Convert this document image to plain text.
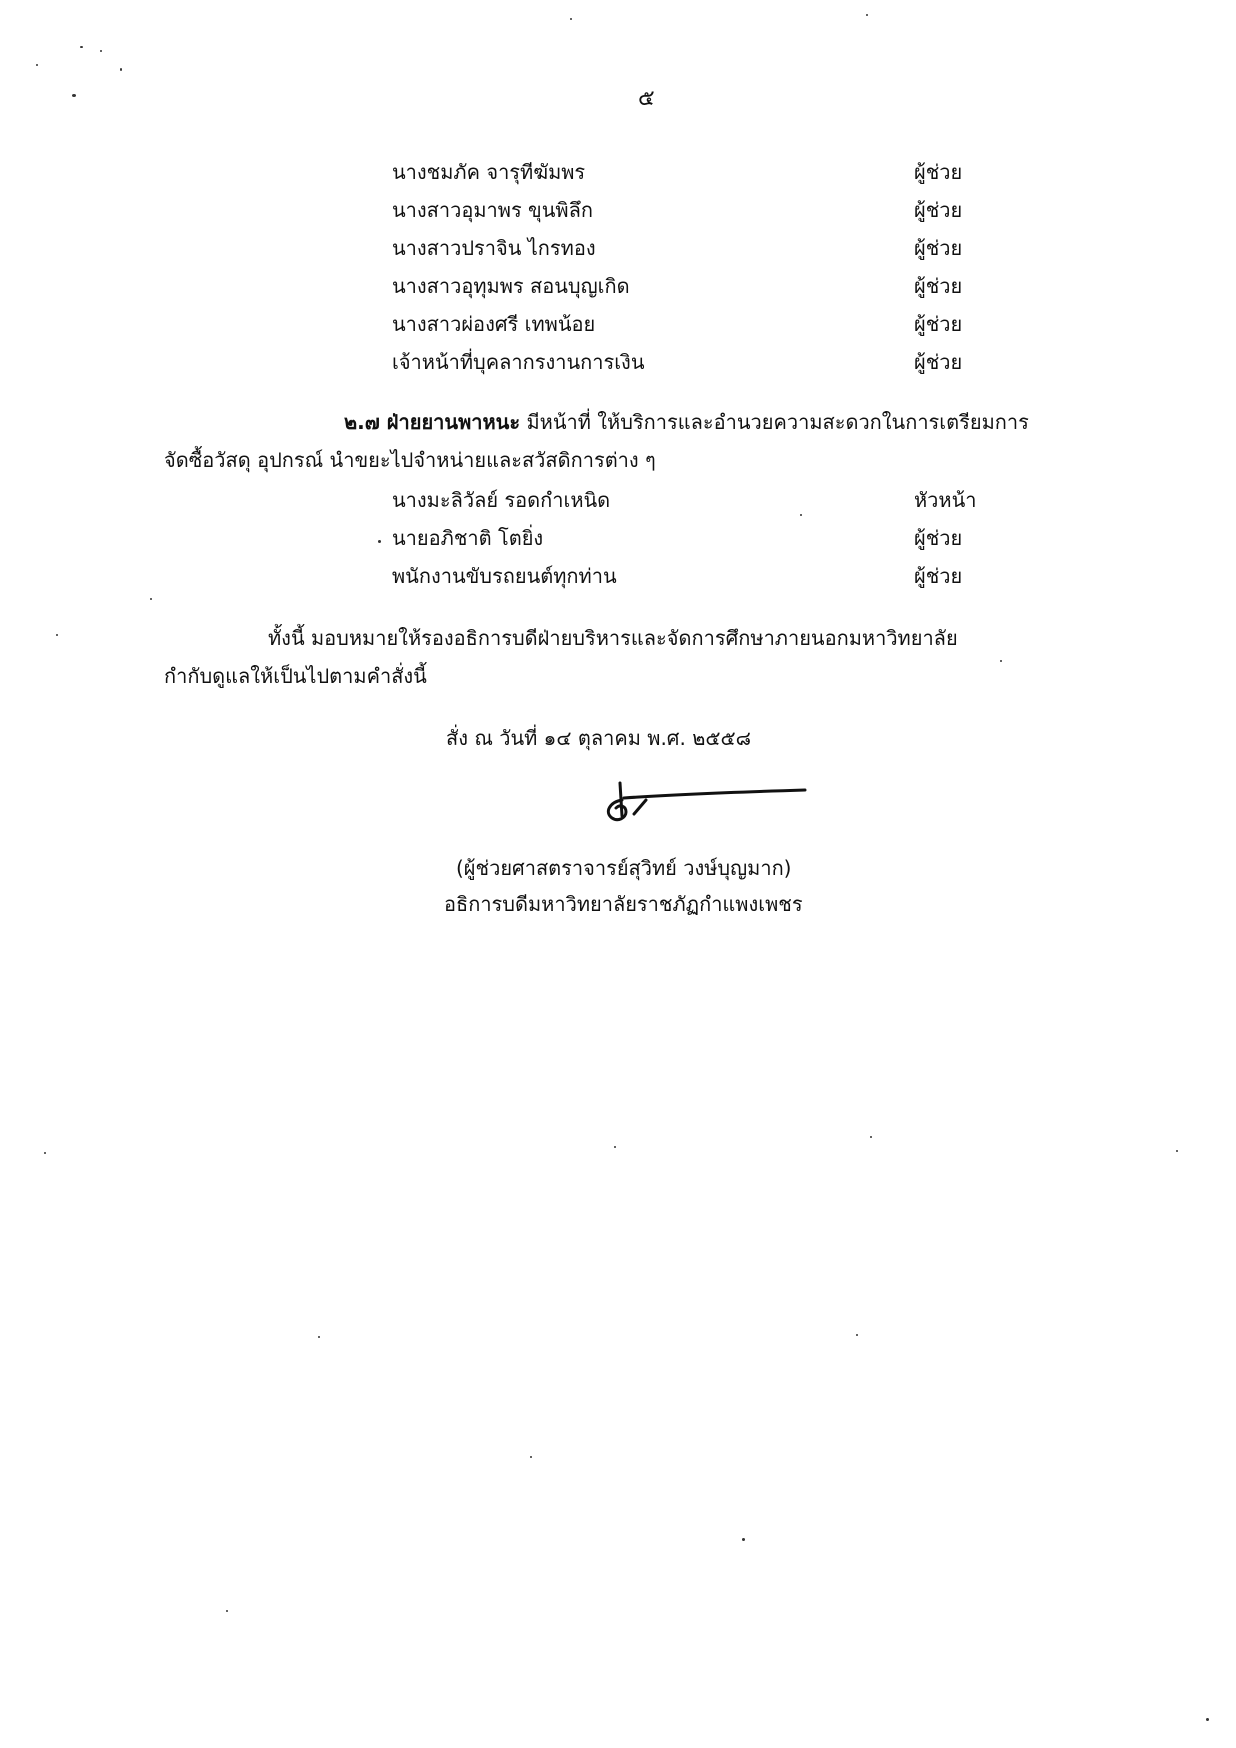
๕
นางชมภัค จารุทีฆัมพร	ผู้ช่วย
นางสาวอุมาพร ขุนพิลึก	ผู้ช่วย
นางสาวปราจิน ไกรทอง	ผู้ช่วย
นางสาวอุทุมพร สอนบุญเกิด	ผู้ช่วย
นางสาวผ่องศรี เทพน้อย	ผู้ช่วย
เจ้าหน้าที่บุคลากรงานการเงิน	ผู้ช่วย
๒.๗ ฝ่ายยานพาหนะ มีหน้าที่ ให้บริการและอำนวยความสะดวกในการเตรียมการ
จัดซื้อวัสดุ อุปกรณ์ นำขยะไปจำหน่ายและสวัสดิการต่าง ๆ
นางมะลิวัลย์ รอดกำเหนิด	หัวหน้า
นายอภิชาติ โตยิ่ง	ผู้ช่วย
พนักงานขับรถยนต์ทุกท่าน	ผู้ช่วย
ทั้งนี้ มอบหมายให้รองอธิการบดีฝ่ายบริหารและจัดการศึกษาภายนอกมหาวิทยาลัย
กำกับดูแลให้เป็นไปตามคำสั่งนี้
สั่ง ณ วันที่ ๑๔ ตุลาคม พ.ศ. ๒๕๕๘
(ผู้ช่วยศาสตราจารย์สุวิทย์ วงษ์บุญมาก)
อธิการบดีมหาวิทยาลัยราชภัฏกำแพงเพชร
